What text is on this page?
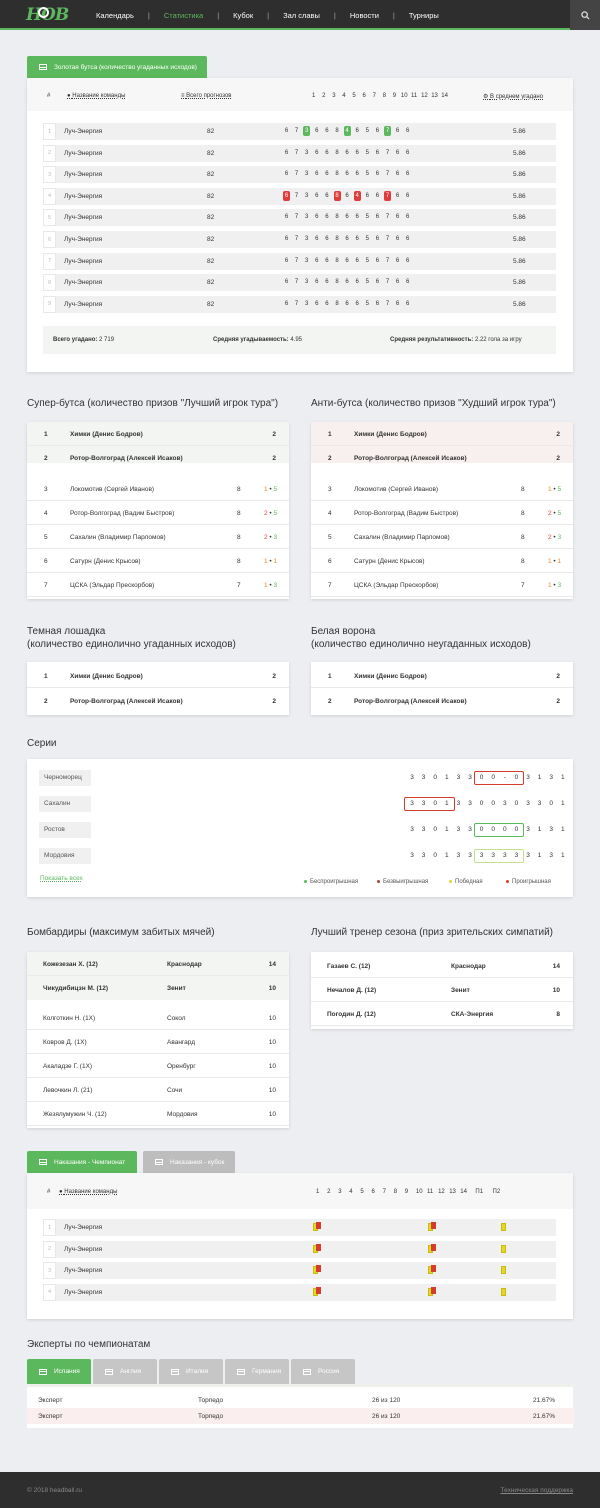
НОВ	Календарь	|	Статистика	|	Кубок	|	Зал славы	|	Новости	|	Турниры
Золотая бутса (количество угаданных исходов)
#	● Название команды	≡ Всего прогнозов	⚙ В среднем угадано
1 2 3 4 5 6 7 8 9 10 11 12 13 14
1	Луч-Энергия	82	6	7	3	6	6	8	4	6	5	6	7	6	6	5.86
2	Луч-Энергия	82	6	7	3	6	6	8	6	6	5	6	7	6	6	5.86
3	Луч-Энергия	82	6	7	3	6	6	8	6	6	5	6	7	6	6	5.86
4	Луч-Энергия	82	6	7	3	6	6	8	6	4	6	6	7	6	6	5.86
5	Луч-Энергия	82	6	7	3	6	6	8	6	6	5	6	7	6	6	5.86
6	Луч-Энергия	82	6	7	3	6	6	8	6	6	5	6	7	6	6	5.86
7	Луч-Энергия	82	6	7	3	6	6	8	6	6	5	6	7	6	6	5.86
8	Луч-Энергия	82	6	7	3	6	6	8	6	6	5	6	7	6	6	5.86
9	Луч-Энергия	82	6	7	3	6	6	8	6	6	5	6	7	6	6	5.86
Всего угадано: 2 719	Средняя угадываемость: 4.95	Средняя результативность: 2.22 гола за игру
Супер-бутса (количество призов "Лучший игрок тура")
1	Химки (Денис Бодров)	2
2	Ротор-Волгоград (Алексей Исаков)	2
3	Локомотив (Сергей Иванов)	8	1 • 5
4	Ротор-Волгоград (Вадим Быстров)	8	2 • 5
5	Сахалин (Владимир Парломов)	8	2 • 3
6	Сатурн (Денис Крысов)	8	1 • 1
7	ЦСКА (Эльдар Прескорбов)	7	1 • 3
Анти-бутса (количество призов "Худший игрок тура")
1	Химки (Денис Бодров)	2
2	Ротор-Волгоград (Алексей Исаков)	2
3	Локомотив (Сергей Иванов)	8	1 • 5
4	Ротор-Волгоград (Вадим Быстров)	8	2 • 5
5	Сахалин (Владимир Парломов)	8	2 • 3
6	Сатурн (Денис Крысов)	8	1 • 1
7	ЦСКА (Эльдар Прескорбов)	7	1 • 3
Темная лошадка
(количество единолично угаданных исходов)
1	Химки (Денис Бодров)	2
2	Ротор-Волгоград (Алексей Исаков)	2
Белая ворона
(количество единолично неугаданных исходов)
1	Химки (Денис Бодров)	2
2	Ротор-Волгоград (Алексей Исаков)	2
Серии
Показать всех	Беспроигрышная	Безвыигрышная	Победная	Проигрышная
Черноморец	3	3	0	1	3	3	0	0	-	0	3	1	3	1
Сахалин	3	3	0	1	3	3	0	0	3	0	3	3	0	1
Ростов	3	3	0	1	3	3	0	0	0	0	3	1	3	1
Мордовия	3	3	0	1	3	3	3	3	3	3	3	1	3	1
Бомбардиры (максимум забитых мячей)
Кожезезан Х. (12)	Краснодар	14
Чикудибицзн М. (12)	Зенит	10
Колготкин Н. (1Х)	Сокол	10
Ковров Д. (1Х)	Авангард	10
Акаладзе Г. (1Х)	Оренбург	10
Левочкин Л. (21)	Сочи	10
Жезялумужин Ч. (12)	Мордовия	10
Лучший тренер сезона (приз зрительских симпатий)
Газаев С. (12)	Краснодар	14
Нечалов Д. (12)	Зенит	10
Погодин Д. (12)	СКА-Энергия	8
Наказания - Чемпионат	Наказания - кубок
# ● Название команды	1 2 3 4 5 6 7 8 9 10 11 12 13 14 П1 П2
1	Луч-Энергия
2	Луч-Энергия
3	Луч-Энергия
4	Луч-Энергия
Эксперты по чемпионатам
Испания	Англия	Италия	Германия	Россия
Эксперт	Торпедо	26 из 120	21.67%
Эксперт	Торпедо	26 из 120	21.67%
© 2018 headball.ru	Техническая поддержка
